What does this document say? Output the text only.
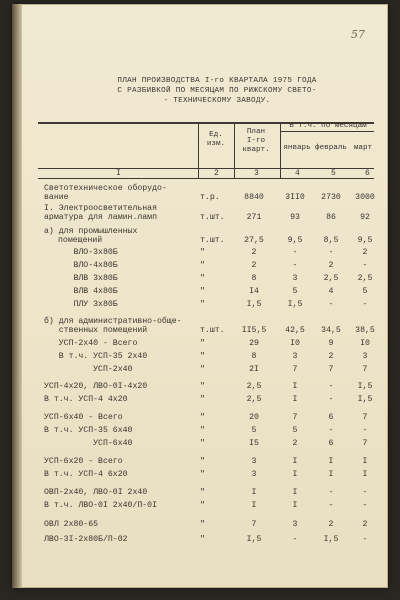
57
ПЛАН ПРОИЗВОДСТВА I-го КВАРТАЛА 1975 ГОДА
С РАЗБИВКОЙ ПО МЕСЯЦАМ ПО РИЖСКОМУ СВЕТО-
- ТЕХНИЧЕСКОМУ ЗАВОДУ.
Ед.
изм.
План
I-го
кварт.
В т.ч. по месяцам
январь февраль март
I	2	3	4	5	6
Светотехническое оборудо-
вание	т.р.	8840	3II0	2730	3000
I. Электроосветительная
арматура для ламин.ламп	т.шт.	271	93	86	92
а) для промышленных
помещений	т.шт.	27,5	9,5	8,5	9,5
ВЛО-3х80Б	"	2	-	-	2
ВЛО-4х80Б	"	2	-	2	-
ВЛВ 3х80Б	"	8	3	2,5	2,5
ВЛВ 4х80Б	"	I4	5	4	5
ПЛУ 3х80Б	"	I,5	I,5	-	-
б) для административно-обще-
ственных помещений	т.шт. II5,5	42,5	34,5	38,5
УСП-2х40 - Всего	"	29	I0	9	I0
В т.ч. УСП-35 2х40	"	8	3	2	3
УСП-2х40	"	2I	7	7	7
УСП-4х20, ЛВО-0I-4х20	"	2,5	I	-	I,5
В т.ч. УСП-4 4х20	"	2,5	I	-	I,5
УСП-6х40 - Всего	"	20	7	6	7
В т.ч. УСП-35 6х40	"	5	5	-	-
УСП-6х40	"	I5	2	6	7
УСП-6х20 - Всего	"	3	I	I	I
В т.ч. УСП-4 6х20	"	3	I	I	I
ОВП-2х40, ЛВО-0I 2х40	"	I	I	-	-
В т.ч. ЛВО-0I 2х40/П-0I	"	I	I	-	-
ОВЛ 2х80-65	"	7	3	2	2
ЛВО-3I-2х80Б/П-02	"	I,5	-	I,5	-
